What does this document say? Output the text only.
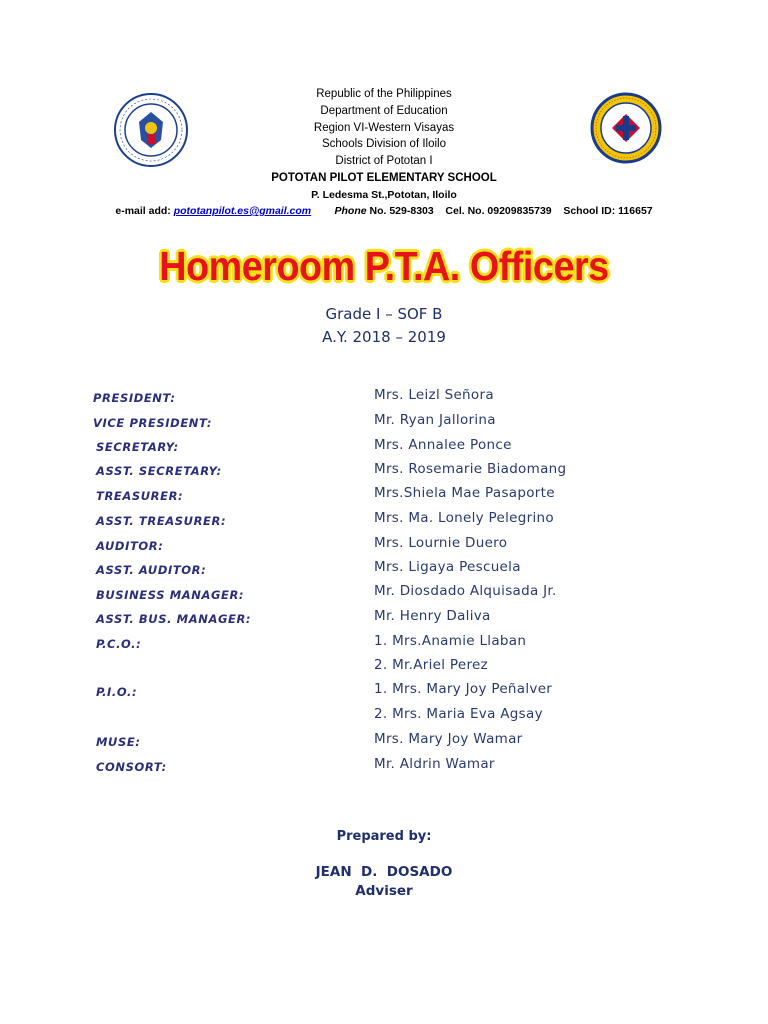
Republic of the Philippines
Department of Education
Region VI-Western Visayas
Schools Division of Iloilo
District of Pototan I
POTOTAN PILOT ELEMENTARY SCHOOL
P. Ledesma St.,Pototan, Iloilo
e-mail add: pototanpilot.es@gmail.com Phone No. 529-8303 Cel. No. 09209835739 School ID: 116657
Homeroom P.T.A. Officers
Grade I – SOF B
A.Y. 2018 – 2019
PRESIDENT:	Mrs. Leizl Señora
VICE PRESIDENT:	Mr. Ryan Jallorina
SECRETARY:	Mrs. Annalee Ponce
ASST. SECRETARY:	Mrs. Rosemarie Biadomang
TREASURER:	Mrs.Shiela Mae Pasaporte
ASST. TREASURER:	Mrs. Ma. Lonely Pelegrino
AUDITOR:	Mrs. Lournie Duero
ASST. AUDITOR:	Mrs. Ligaya Pescuela
BUSINESS MANAGER:	Mr. Diosdado Alquisada Jr.
ASST. BUS. MANAGER:	Mr. Henry Daliva
P.C.O.:	1. Mrs.Anamie Llaban
2. Mr.Ariel Perez
P.I.O.:	1. Mrs. Mary Joy Peñalver
2. Mrs. Maria Eva Agsay
MUSE:	Mrs. Mary Joy Wamar
CONSORT:	Mr. Aldrin Wamar
Prepared by:
JEAN  D.  DOSADO
Adviser
